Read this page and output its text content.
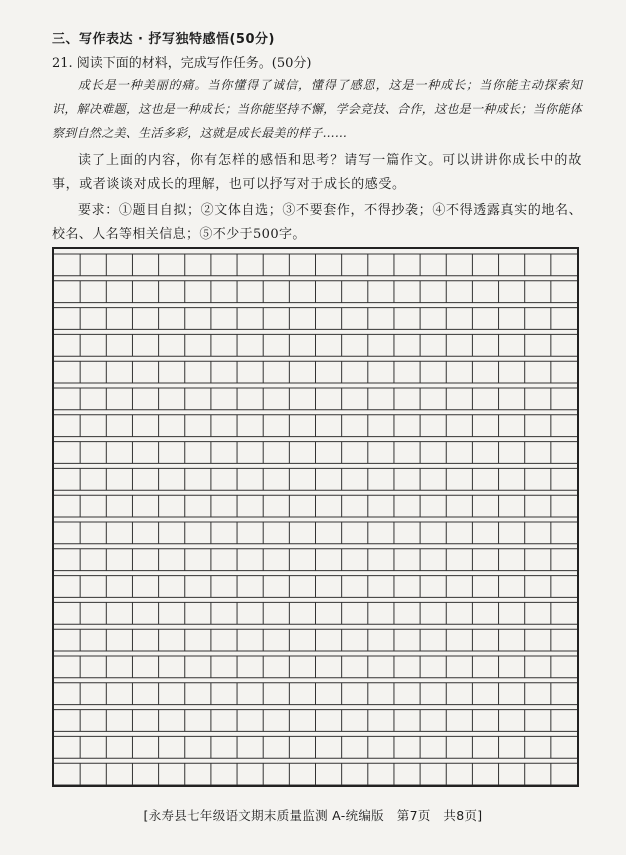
三、写作表达 · 抒写独特感悟(50分)
21. 阅读下面的材料，完成写作任务。(50分)
成长是一种美丽的痛。当你懂得了诚信，懂得了感恩，这是一种成长；当你能主动探索知识，解决难题，这也是一种成长；当你能坚持不懈，学会竞技、合作，这也是一种成长；当你能体察到自然之美、生活多彩，这就是成长最美的样子……
读了上面的内容，你有怎样的感悟和思考？请写一篇作文。可以讲讲你成长中的故事，或者谈谈对成长的理解，也可以抒写对于成长的感受。
要求：①题目自拟；②文体自选；③不要套作，不得抄袭；④不得透露真实的地名、校名、人名等相关信息；⑤不少于500字。
[永寿县七年级语文期末质量监测 A-统编版　第7页　共8页]
